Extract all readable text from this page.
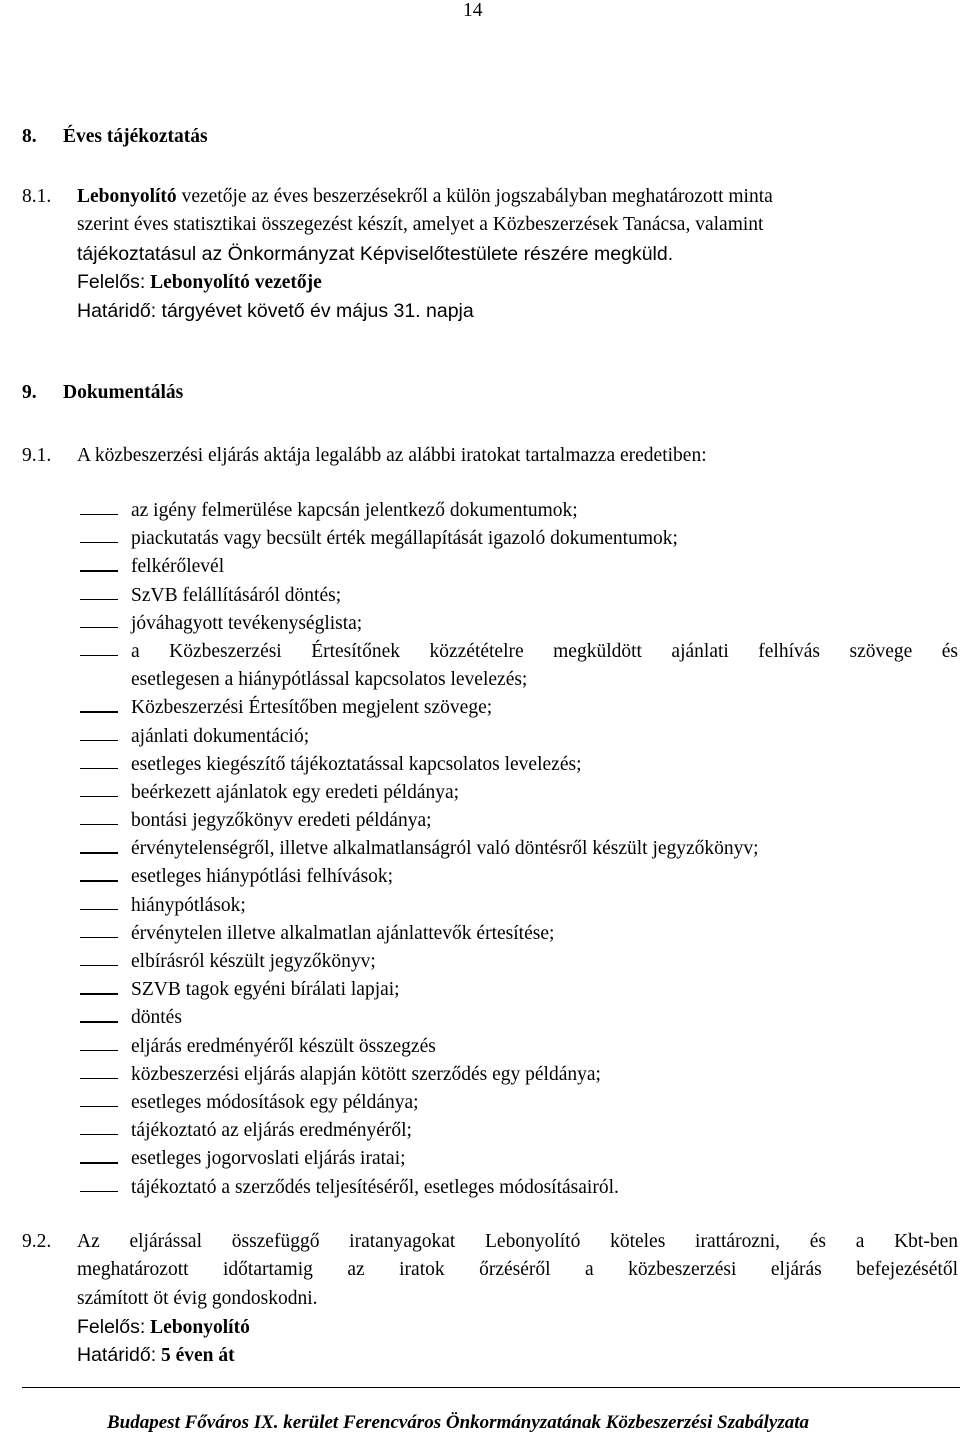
14
8. Éves tájékoztatás
8.1. Lebonyolító vezetője az éves beszerzésekről a külön jogszabályban meghatározott minta
szerint éves statisztikai összegezést készít, amelyet a Közbeszerzések Tanácsa, valamint
tájékoztatásul az Önkormányzat Képviselőtestülete részére megküld.
Felelős: Lebonyolító vezetője
Határidő: tárgyévet követő év május 31. napja
9. Dokumentálás
9.1. A közbeszerzési eljárás aktája legalább az alábbi iratokat tartalmazza eredetiben:
az igény felmerülése kapcsán jelentkező dokumentumok;
piackutatás vagy becsült érték megállapítását igazoló dokumentumok;
felkérőlevél
SzVB felállításáról döntés;
jóváhagyott tevékenységlista;
a Közbeszerzési Értesítőnek közzétételre megküldött ajánlati felhívás szövege és
esetlegesen a hiánypótlással kapcsolatos levelezés;
Közbeszerzési Értesítőben megjelent szövege;
ajánlati dokumentáció;
esetleges kiegészítő tájékoztatással kapcsolatos levelezés;
beérkezett ajánlatok egy eredeti példánya;
bontási jegyzőkönyv eredeti példánya;
érvénytelenségről, illetve alkalmatlanságról való döntésről készült jegyzőkönyv;
esetleges hiánypótlási felhívások;
hiánypótlások;
érvénytelen illetve alkalmatlan ajánlattevők értesítése;
elbírásról készült jegyzőkönyv;
SZVB tagok egyéni bírálati lapjai;
döntés
eljárás eredményéről készült összegzés
közbeszerzési eljárás alapján kötött szerződés egy példánya;
esetleges módosítások egy példánya;
tájékoztató az eljárás eredményéről;
esetleges jogorvoslati eljárás iratai;
tájékoztató a szerződés teljesítéséről, esetleges módosításairól.
9.2. Az eljárással összefüggő iratanyagokat Lebonyolító köteles irattározni, és a Kbt-ben
meghatározott időtartamig az iratok őrzéséről a közbeszerzési eljárás befejezésétől
számított öt évig gondoskodni.
Felelős: Lebonyolító
Határidő: 5 éven át
Budapest Főváros IX. kerület Ferencváros Önkormányzatának Közbeszerzési Szabályzata
